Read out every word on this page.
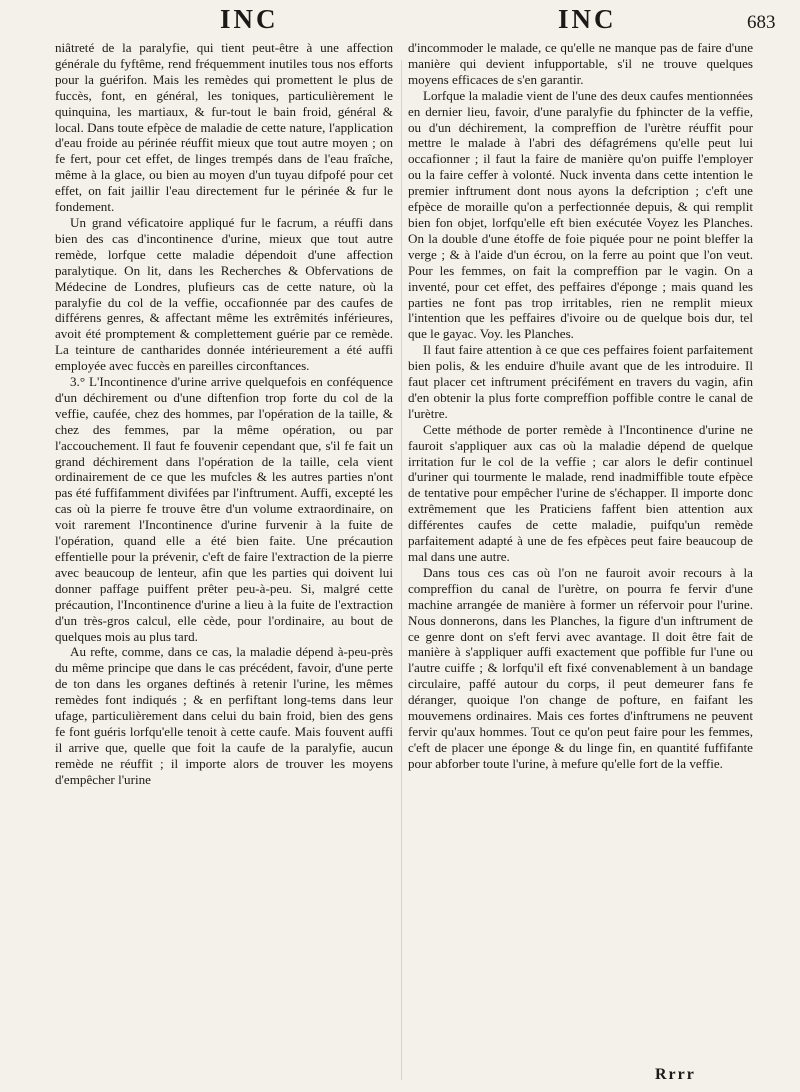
INC	INC	683

niâtreté de la paralyfie, qui tient peut-être à une affection générale du fyftême, rend fréquemment inutiles tous nos efforts pour la guérifon. Mais les remèdes qui promettent le plus de fuccès, font, en général, les toniques, particulièrement le quinquina, les martiaux, & fur-tout le bain froid, général & local. Dans toute efpèce de maladie de cette nature, l'application d'eau froide au périnée réuffit mieux que tout autre moyen ; on fe fert, pour cet effet, de linges trempés dans de l'eau fraîche, même à la glace, ou bien au moyen d'un tuyau difpofé pour cet effet, on fait jaillir l'eau directement fur le périnée & fur le fondement.

Un grand véficatoire appliqué fur le facrum, a réuffi dans bien des cas d'incontinence d'urine, mieux que tout autre remède, lorfque cette maladie dépendoit d'une affection paralytique. On lit, dans les Recherches & Obfervations de Médecine de Londres, plufieurs cas de cette nature, où la paralyfie du col de la veffie, occafionnée par des caufes de différens genres, & affectant même les extrêmités inférieures, avoit été promptement & complettement guérie par ce remède. La teinture de cantharides donnée intérieurement a été auffi employée avec fuccès en pareilles circonftances.

3.° L'Incontinence d'urine arrive quelquefois en conféquence d'un déchirement ou d'une diftenfion trop forte du col de la veffie, caufée, chez des hommes, par l'opération de la taille, & chez des femmes, par la même opération, ou par l'accouchement. Il faut fe fouvenir cependant que, s'il fe fait un grand déchirement dans l'opération de la taille, cela vient ordinairement de ce que les mufcles & les autres parties n'ont pas été fuffifamment divifées par l'inftrument. Auffi, excepté les cas où la pierre fe trouve être d'un volume extraordinaire, on voit rarement l'Incontinence d'urine furvenir à la fuite de l'opération, quand elle a été bien faite. Une précaution effentielle pour la prévenir, c'eft de faire l'extraction de la pierre avec beaucoup de lenteur, afin que les parties qui doivent lui donner paffage puiffent prêter peu-à-peu. Si, malgré cette précaution, l'Incontinence d'urine a lieu à la fuite de l'extraction d'un très-gros calcul, elle cède, pour l'ordinaire, au bout de quelques mois au plus tard.

Au refte, comme, dans ce cas, la maladie dépend à-peu-près du même principe que dans le cas précédent, favoir, d'une perte de ton dans les organes deftinés à retenir l'urine, les mêmes remèdes font indiqués ; & en perfiftant long-tems dans leur ufage, particulièrement dans celui du bain froid, bien des gens fe font guéris lorfqu'elle tenoit à cette caufe. Mais fouvent auffi il arrive que, quelle que foit la caufe de la paralyfie, aucun remède ne réuffit ; il importe alors de trouver les moyens d'empêcher l'urine

d'incommoder le malade, ce qu'elle ne manque pas de faire d'une manière qui devient infupportable, s'il ne trouve quelques moyens efficaces de s'en garantir.

Lorfque la maladie vient de l'une des deux caufes mentionnées en dernier lieu, favoir, d'une paralyfie du fphincter de la veffie, ou d'un déchirement, la compreffion de l'urètre réuffit pour mettre le malade à l'abri des défagrémens qu'elle peut lui occafionner ; il faut la faire de manière qu'on puiffe l'employer ou la faire ceffer à volonté. Nuck inventa dans cette intention le premier inftrument dont nous ayons la defcription ; c'eft une efpèce de moraille qu'on a perfectionnée depuis, & qui remplit bien fon objet, lorfqu'elle eft bien exécutée Voyez les Planches. On la double d'une étoffe de foie piquée pour ne point bleffer la verge ; & à l'aide d'un écrou, on la ferre au point que l'on veut. Pour les femmes, on fait la compreffion par le vagin. On a inventé, pour cet effet, des peffaires d'éponge ; mais quand les parties ne font pas trop irritables, rien ne remplit mieux l'intention que les peffaires d'ivoire ou de quelque bois dur, tel que le gayac. Voy. les Planches.

Il faut faire attention à ce que ces peffaires foient parfaitement bien polis, & les enduire d'huile avant que de les introduire. Il faut placer cet inftrument précifément en travers du vagin, afin d'en obtenir la plus forte compreffion poffible contre le canal de l'urètre.

Cette méthode de porter remède à l'Incontinence d'urine ne fauroit s'appliquer aux cas où la maladie dépend de quelque irritation fur le col de la veffie ; car alors le defir continuel d'uriner qui tourmente le malade, rend inadmiffible toute efpèce de tentative pour empêcher l'urine de s'échapper. Il importe donc extrêmement que les Praticiens faffent bien attention aux différentes caufes de cette maladie, puifqu'un remède parfaitement adapté à une de fes efpèces peut faire beaucoup de mal dans une autre.

Dans tous ces cas où l'on ne fauroit avoir recours à la compreffion du canal de l'urètre, on pourra fe fervir d'une machine arrangée de manière à former un réfervoir pour l'urine. Nous donnerons, dans les Planches, la figure d'un inftrument de ce genre dont on s'eft fervi avec avantage. Il doit être fait de manière à s'appliquer auffi exactement que poffible fur l'une ou l'autre cuiffe ; & lorfqu'il eft fixé convenablement à un bandage circulaire, paffé autour du corps, il peut demeurer fans fe déranger, quoique l'on change de pofture, en faifant les mouvemens ordinaires. Mais ces fortes d'inftrumens ne peuvent fervir qu'aux hommes. Tout ce qu'on peut faire pour les femmes, c'eft de placer une éponge & du linge fin, en quantité fuffifante pour abforber toute l'urine, à mefure qu'elle fort de la veffie.

Rrrr
